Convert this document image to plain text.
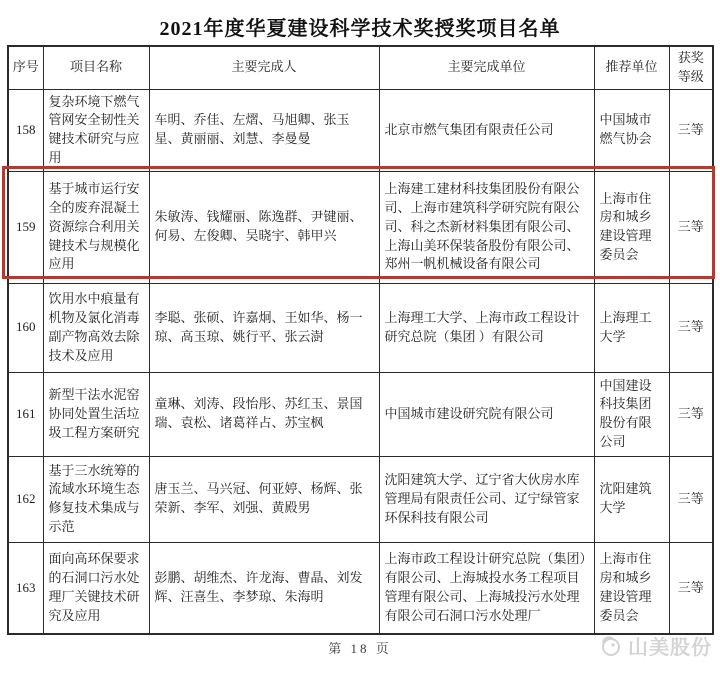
2021年度华夏建设科学技术奖授奖项目名单
序号	项目名称	主要完成人	主要完成单位	推荐单位	获奖等级
158	复杂环境下燃气管网安全韧性关键技术研究与应用	车明、乔佳、左熠、马旭卿、张玉星、黄丽丽、刘慧、李曼曼	北京市燃气集团有限责任公司	中国城市燃气协会	三等
159	基于城市运行安全的废弃混凝土资源综合利用关键技术与规模化应用	朱敏涛、钱耀丽、陈逸群、尹键丽、何易、左俊卿、吴晓宇、韩甲兴	上海建工建材科技集团股份有限公司、上海市建筑科学研究院有限公司、科之杰新材料集团有限公司、上海山美环保装备股份有限公司、郑州一帆机械设备有限公司	上海市住房和城乡建设管理委员会	三等
160	饮用水中痕量有机物及氯化消毒副产物高效去除技术及应用	李聪、张硕、许嘉炯、王如华、杨一琼、高玉琼、姚行平、张云澍	上海理工大学、上海市政工程设计研究总院（集团 ）有限公司	上海理工大学	三等
161	新型干法水泥窑协同处置生活垃圾工程方案研究	童琳、刘涛、段怡彤、苏红玉、景国瑞、袁松、诸葛祥占、苏宝枫	中国城市建设研究院有限公司	中国建设科技集团股份有限公司	三等
162	基于三水统筹的流域水环境生态修复技术集成与示范	唐玉兰、马兴冠、何亚婷、杨辉、张荣新、李军、刘强、黄殿男	沈阳建筑大学、辽宁省大伙房水库管理局有限责任公司、辽宁绿管家环保科技有限公司	沈阳建筑大学	三等
163	面向高环保要求的石洞口污水处理厂关键技术研究及应用	彭鹏、胡维杰、许龙海、曹晶、刘发辉、汪喜生、李梦琼、朱海明	上海市政工程设计研究总院（集团）有限公司、上海城投水务工程项目管理有限公司、上海城投污水处理有限公司石洞口污水处理厂	上海市住房和城乡建设管理委员会	三等
第 18 页	山美股份
